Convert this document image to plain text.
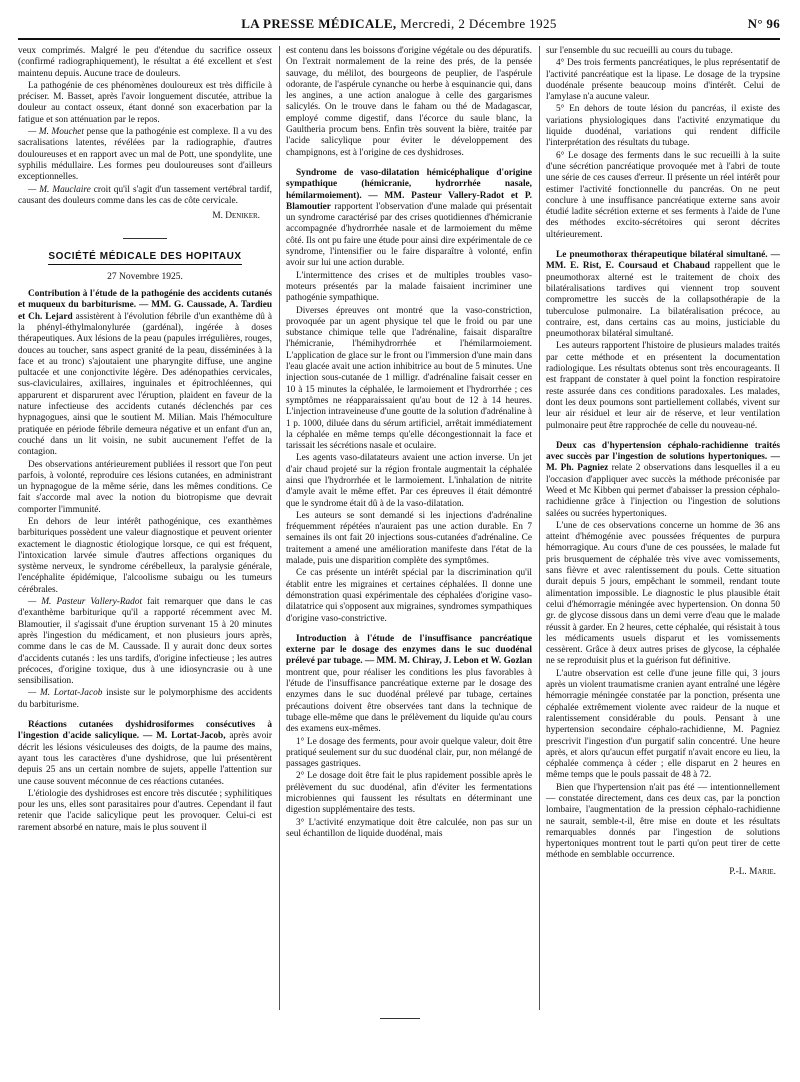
LA PRESSE MÉDICALE, Mercredi, 2 Décembre 1925	N° 96

veux comprimés. Malgré le peu d'étendue du sacrifice osseux (confirmé radiographiquement), le résultat a été excellent et s'est maintenu depuis. Aucune trace de douleurs.

La pathogénie de ces phénomènes douloureux est très difficile à préciser. M. Basset, après l'avoir longuement discutée, attribue la douleur au contact osseux, étant donné son exacerbation par la fatigue et son atténuation par le repos.

— M. Mouchet pense que la pathogénie est complexe. Il a vu des sacralisations latentes, révélées par la radiographie, d'autres douloureuses et en rapport avec un mal de Pott, une spondylite, une syphilis médullaire. Les formes peu douloureuses sont d'ailleurs exceptionnelles.

— M. Mauclaire croit qu'il s'agit d'un tassement vertébral tardif, causant des douleurs comme dans les cas de côte cervicale.

M. Deniker.
SOCIÉTÉ MÉDICALE DES HOPITAUX
27 Novembre 1925.

Contribution à l'étude de la pathogénie des accidents cutanés et muqueux du barbiturisme. — MM. G. Caussade, A. Tardieu et Ch. Lejard assistèrent à l'évolution fébrile d'un exanthème dû à la phényl-éthylmalonylurée (gardénal), ingérée à doses thérapeutiques. Aux lésions de la peau (papules irrégulières, rouges, douces au toucher, sans aspect granité de la peau, disséminées à la face et au tronc) s'ajoutaient une pharyngite diffuse, une angine pultacée et une conjonctivite légère. Des adénopathies cervicales, sus-claviculaires, axillaires, inguinales et épitrochléennes, qui apparurent et disparurent avec l'éruption, plaident en faveur de la nature infectieuse des accidents cutanés déclenchés par ces hypnagogues, ainsi que le soutient M. Milian. Mais l'hémoculture pratiquée en période fébrile demeura négative et un enfant d'un an, couché dans un lit voisin, ne subit aucunement l'effet de la contagion.

Des observations antérieurement publiées il ressort que l'on peut parfois, à volonté, reproduire ces lésions cutanées, en administrant un hypnagogue de la même série, dans les mêmes conditions. Ce fait s'accorde mal avec la notion du biotropisme que devrait comporter l'immunité.

En dehors de leur intérêt pathogénique, ces exanthèmes barbituriques possèdent une valeur diagnostique et peuvent orienter exactement le diagnostic étiologique lorsque, ce qui est fréquent, l'intoxication larvée simule d'autres affections organiques du système nerveux, le syndrome cérébelleux, la paralysie générale, l'encéphalite épidémique, l'alcoolisme subaigu ou les tumeurs cérébrales.

— M. Pasteur Vallery-Radot fait remarquer que dans le cas d'exanthème barbiturique qu'il a rapporté récemment avec M. Blamoutier, il s'agissait d'une éruption survenant 15 à 20 minutes après l'ingestion du médicament, et non plusieurs jours après, comme dans le cas de M. Caussade. Il y aurait donc deux sortes d'accidents cutanés : les uns tardifs, d'origine infectieuse ; les autres précoces, d'origine toxique, dus à une idiosyncrasie ou à une sensibilisation.

— M. Lortat-Jacob insiste sur le polymorphisme des accidents du barbiturisme.

Réactions cutanées dyshidrosiformes consécutives à l'ingestion d'acide salicylique. — M. Lortat-Jacob, après avoir décrit les lésions vésiculeuses des doigts, de la paume des mains, ayant tous les caractères d'une dyshidrose, que lui présentèrent depuis 25 ans un certain nombre de sujets, appelle l'attention sur une cause souvent méconnue de ces réactions cutanées.

L'étiologie des dyshidroses est encore très discutée ; syphilitiques pour les uns, elles sont parasitaires pour d'autres. Cependant il faut retenir que l'acide salicylique peut les provoquer. Celui-ci est rarement absorbé en nature, mais le plus souvent il

est contenu dans les boissons d'origine végétale ou des dépuratifs. On l'extrait normalement de la reine des prés, de la pensée sauvage, du mélilot, des bourgeons de peuplier, de l'aspérule odorante, de l'aspérule cynanche ou herbe à esquinancie qui, dans les angines, a une action analogue à celle des gargarismes salicylés. On le trouve dans le faham ou thé de Madagascar, employé comme digestif, dans l'écorce du saule blanc, la Gaultheria procum bens. Enfin très souvent la bière, traitée par l'acide salicylique pour éviter le développement des champignons, est à l'origine de ces dyshidroses.

Syndrome de vaso-dilatation hémicéphalique d'origine sympathique (hémicranie, hydrorrhée nasale, hémilarmoiement). — MM. Pasteur Vallery-Radot et P. Blamoutier rapportent l'observation d'une malade qui présentait un syndrome caractérisé par des crises quotidiennes d'hémicranie accompagnée d'hydrorrhée nasale et de larmoiement du même côté. Ils ont pu faire une étude pour ainsi dire expérimentale de ce syndrome, l'intensifier ou le faire disparaître à volonté, enfin avoir sur lui une action durable.

L'intermittence des crises et de multiples troubles vaso-moteurs présentés par la malade faisaient incriminer une pathogénie sympathique.

Diverses épreuves ont montré que la vaso-constriction, provoquée par un agent physique tel que le froid ou par une substance chimique telle que l'adrénaline, faisait disparaître l'hémicranie, l'hémihydrorrhée et l'hémilarmoiement. L'application de glace sur le front ou l'immersion d'une main dans l'eau glacée avait une action inhibitrice au bout de 5 minutes. Une injection sous-cutanée de 1 milligr. d'adrénaline faisait cesser en 10 à 15 minutes la céphalée, le larmoiement et l'hydrorrhée ; ces symptômes ne réapparaissaient qu'au bout de 12 à 14 heures. L'injection intraveineuse d'une goutte de la solution d'adrénaline à 1 p. 1000, diluée dans du sérum artificiel, arrêtait immédiatement la céphalée en même temps qu'elle décongestionnait la face et tarissait les sécrétions nasale et oculaire.

Les agents vaso-dilatateurs avaient une action inverse. Un jet d'air chaud projeté sur la région frontale augmentait la céphalée ainsi que l'hydrorrhée et le larmoiement. L'inhalation de nitrite d'amyle avait le même effet. Par ces épreuves il était démontré que le syndrome était dû à de la vaso-dilatation.

Les auteurs se sont demandé si les injections d'adrénaline fréquemment répétées n'auraient pas une action durable. En 7 semaines ils ont fait 20 injections sous-cutanées d'adrénaline. Ce traitement a amené une amélioration manifeste dans l'état de la malade, puis une disparition complète des symptômes.

Ce cas présente un intérêt spécial par la discrimination qu'il établit entre les migraines et certaines céphalées. Il donne une démonstration quasi expérimentale des céphalées d'origine vaso-dilatatrice qui s'opposent aux migraines, syndromes sympathiques d'origine vaso-constrictive.

Introduction à l'étude de l'insuffisance pancréatique externe par le dosage des enzymes dans le suc duodénal prélevé par tubage. — MM. M. Chiray, J. Lebon et W. Gozlan montrent que, pour réaliser les conditions les plus favorables à l'étude de l'insuffisance pancréatique externe par le dosage des enzymes dans le suc duodénal prélevé par tubage, certaines précautions doivent être observées tant dans la technique de tubage elle-même que dans le prélèvement du liquide qu'au cours des examens eux-mêmes.

1° Le dosage des ferments, pour avoir quelque valeur, doit être pratiqué seulement sur du suc duodénal clair, pur, non mélangé de passages gastriques.

2° Le dosage doit être fait le plus rapidement possible après le prélèvement du suc duodénal, afin d'éviter les fermentations microbiennes qui faussent les résultats en déterminant une digestion supplémentaire des tests.

3° L'activité enzymatique doit être calculée, non pas sur un seul échantillon de liquide duodénal, mais

sur l'ensemble du suc recueilli au cours du tubage.

4° Des trois ferments pancréatiques, le plus représentatif de l'activité pancréatique est la lipase. Le dosage de la trypsine duodénale présente beaucoup moins d'intérêt. Celui de l'amylase n'a aucune valeur.

5° En dehors de toute lésion du pancréas, il existe des variations physiologiques dans l'activité enzymatique du liquide duodénal, variations qui rendent difficile l'interprétation des résultats du tubage.

6° Le dosage des ferments dans le suc recueilli à la suite d'une sécrétion pancréatique provoquée met à l'abri de toute une série de ces causes d'erreur. Il présente un réel intérêt pour estimer l'activité fonctionnelle du pancréas. On ne peut conclure à une insuffisance pancréatique externe sans avoir étudié ladite sécrétion externe et ses ferments à l'aide de l'une des méthodes excito-sécrétoires qui seront décrites ultérieurement.

Le pneumothorax thérapeutique bilatéral simultané. — MM. E. Rist, E. Coursaud et Chabaud rappellent que le pneumothorax alterné est le traitement de choix des bilatéralisations tardives qui viennent trop souvent compromettre les succès de la collapsothérapie de la tuberculose pulmonaire. La bilatéralisation précoce, au contraire, est, dans certains cas au moins, justiciable du pneumothorax bilatéral simultané.

Les auteurs rapportent l'histoire de plusieurs malades traités par cette méthode et en présentent la documentation radiologique. Les résultats obtenus sont très encourageants. Il est frappant de constater à quel point la fonction respiratoire reste assurée dans ces conditions paradoxales. Les malades, dont les deux poumons sont partiellement collabés, vivent sur leur air résiduel et leur air de réserve, et leur ventilation pulmonaire peut être rapprochée de celle du nouveau-né.

Deux cas d'hypertension céphalo-rachidienne traités avec succès par l'ingestion de solutions hypertoniques. — M. Ph. Pagniez relate 2 observations dans lesquelles il a eu l'occasion d'appliquer avec succès la méthode préconisée par Weed et Mc Kibben qui permet d'abaisser la pression céphalo-rachidienne grâce à l'injection ou l'ingestion de solutions salées ou sucrées hypertoniques.

L'une de ces observations concerne un homme de 36 ans atteint d'hémogénie avec poussées fréquentes de purpura hémorragique. Au cours d'une de ces poussées, le malade fut pris brusquement de céphalée très vive avec vomissements, sans fièvre et avec ralentissement du pouls. Cette situation durait depuis 5 jours, empêchant le sommeil, rendant toute alimentation impossible. Le diagnostic le plus plausible était celui d'hémorragie méningée avec hypertension. On donna 50 gr. de glycose dissous dans un demi verre d'eau que le malade réussit à garder. En 2 heures, cette céphalée, qui résistait à tous les médicaments usuels disparut et les vomissements cessèrent. Grâce à deux autres prises de glycose, la céphalée ne se reproduisit plus et la guérison fut définitive.

L'autre observation est celle d'une jeune fille qui, 3 jours après un violent traumatisme cranien ayant entraîné une légère hémorragie méningée constatée par la ponction, présenta une céphalée extrêmement violente avec raideur de la nuque et ralentissement considérable du pouls. Pensant à une hypertension secondaire céphalo-rachidienne, M. Pagniez prescrivit l'ingestion d'un purgatif salin concentré. Une heure après, et alors qu'aucun effet purgatif n'avait encore eu lieu, la céphalée commença à céder ; elle disparut en 2 heures en même temps que le pouls passait de 48 à 72.

Bien que l'hypertension n'ait pas été — intentionnellement — constatée directement, dans ces deux cas, par la ponction lombaire, l'augmentation de la pression céphalo-rachidienne ne saurait, semble-t-il, être mise en doute et les résultats remarquables donnés par l'ingestion de solutions hypertoniques montrent tout le parti qu'on peut tirer de cette méthode en semblable occurrence.

P.-L. Marie.
